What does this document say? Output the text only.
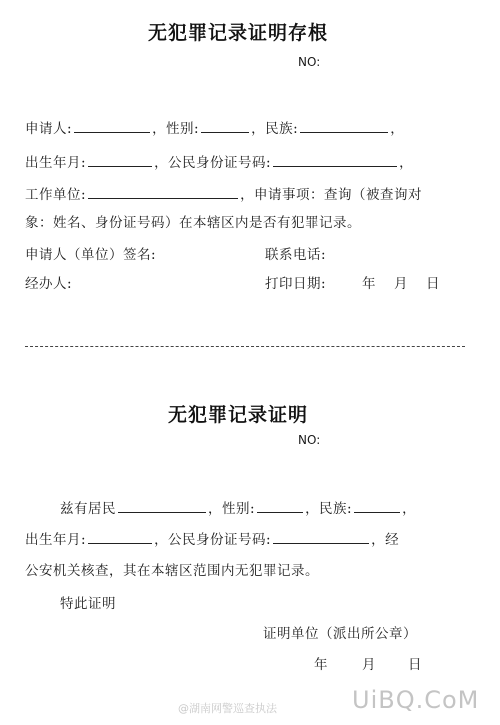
无犯罪记录证明存根
NO:
申请人:	，性别:	，民族:	，
出生年月:	，公民身份证号码:	，
工作单位:	，申请事项：查询（被查询对
象：姓名、身份证号码）在本辖区内是否有犯罪记录。
申请人（单位）签名:	联系电话:
经办人:	打印日期:	年 月 日
无犯罪记录证明
NO:
兹有居民	，性别:	，民族:	，
出生年月:	，公民身份证号码:	，经
公安机关核查，其在本辖区范围内无犯罪记录。
特此证明
证明单位（派出所公章）
年	月 日
@湖南网警巡查执法	UiBQ.CoM
